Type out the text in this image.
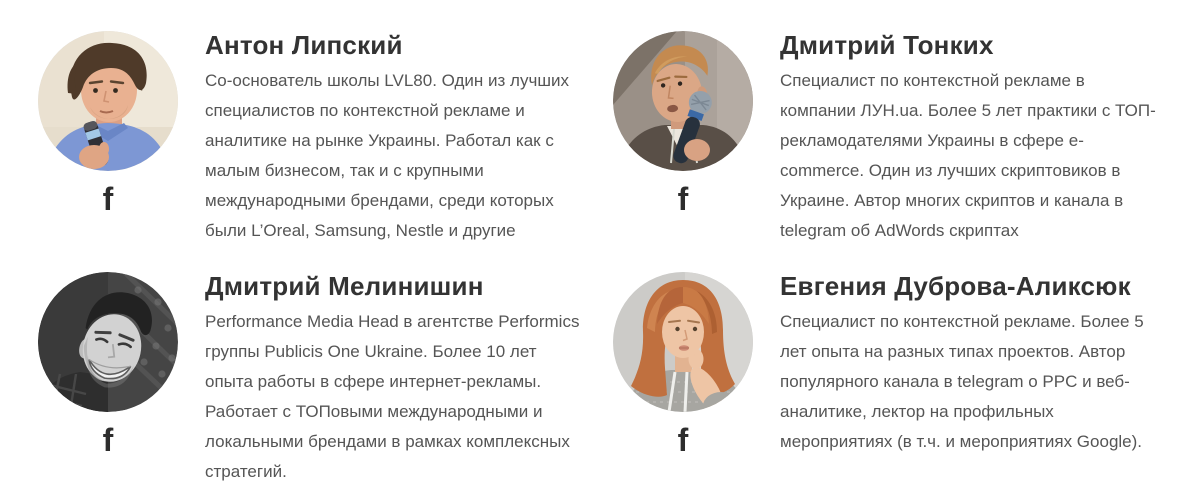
f
Антон Липский

Со-основатель школы LVL80. Один из лучших специалистов по контекстной рекламе и аналитике на рынке Украины. Работал как с малым бизнесом, так и с крупными международными брендами, среди которых были L’Oreal, Samsung, Nestle и другие

f
Дмитрий Тонких

Специалист по контекстной рекламе в компании ЛУН.ua. Более 5 лет практики с ТОП-рекламодателями Украины в сфере e-commerce. Один из лучших скриптовиков в Украине. Автор многих скриптов и канала в telegram об AdWords скриптах

f
Дмитрий Мелинишин

Performance Media Head в агентстве Performics группы Publicis One Ukraine. Более 10 лет опыта работы в сфере интернет-рекламы. Работает с ТОПовыми международными и локальными брендами в рамках комплексных стратегий.

f
Евгения Дуброва-Аликсюк

Специалист по контекстной рекламе. Более 5 лет опыта на разных типах проектов. Автор популярного канала в telegram о PPC и веб-аналитике, лектор на профильных мероприятиях (в т.ч. и мероприятиях Google).
